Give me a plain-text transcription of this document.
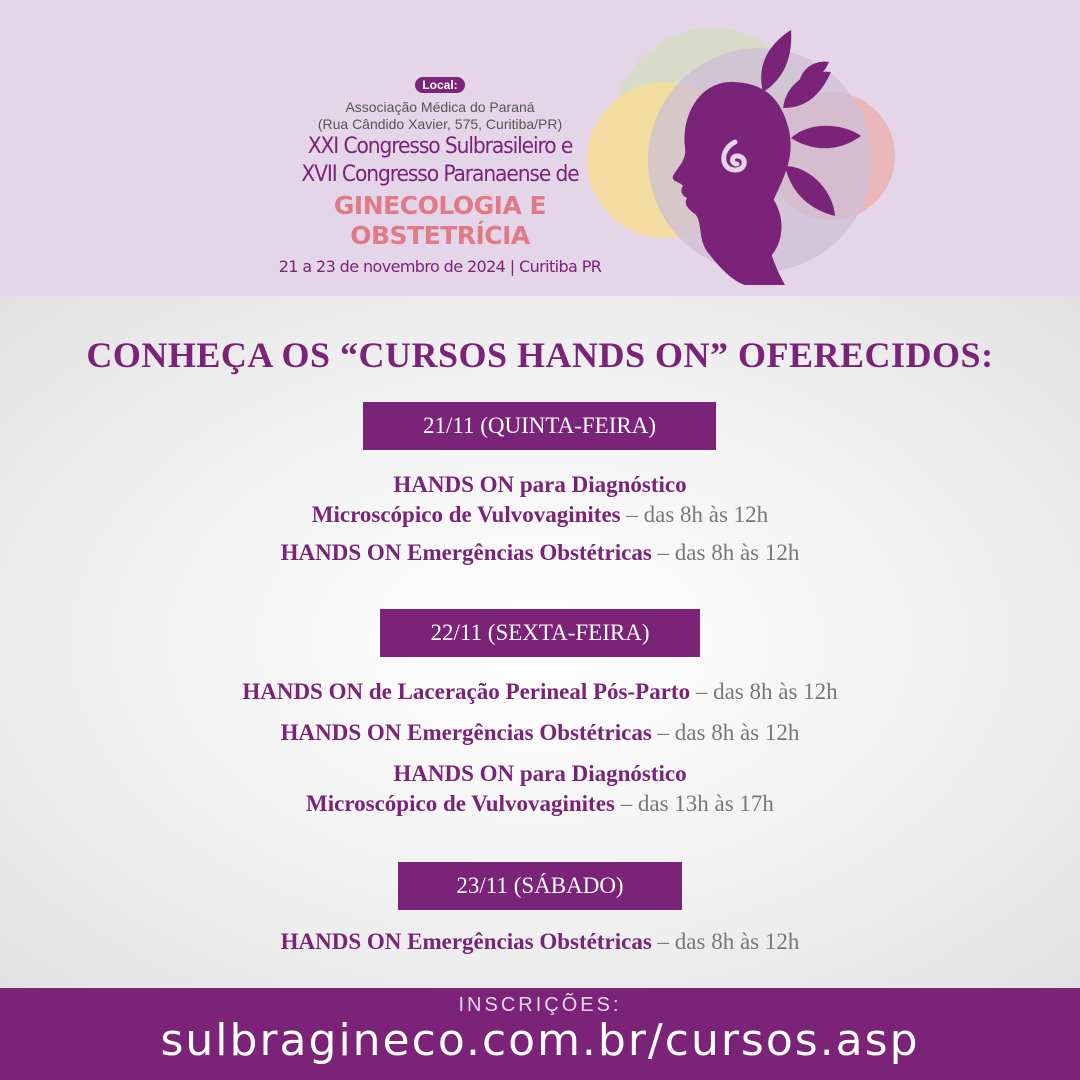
Local:
Associação Médica do Paraná
(Rua Cândido Xavier, 575, Curitiba/PR)
XXI Congresso Sulbrasileiro e
XVII Congresso Paranaense de
GINECOLOGIA E OBSTETRÍCIA
21 a 23 de novembro de 2024 | Curitiba PR
CONHEÇA OS “CURSOS HANDS ON” OFERECIDOS:
21/11 (QUINTA-FEIRA)
HANDS ON para Diagnóstico
Microscópico de Vulvovaginites – das 8h às 12h
HANDS ON Emergências Obstétricas – das 8h às 12h
22/11 (SEXTA-FEIRA)
HANDS ON de Laceração Perineal Pós-Parto – das 8h às 12h
HANDS ON Emergências Obstétricas – das 8h às 12h
HANDS ON para Diagnóstico
Microscópico de Vulvovaginites – das 13h às 17h
23/11 (SÁBADO)
HANDS ON Emergências Obstétricas – das 8h às 12h
INSCRIÇÕES:
sulbragineco.com.br/cursos.asp
